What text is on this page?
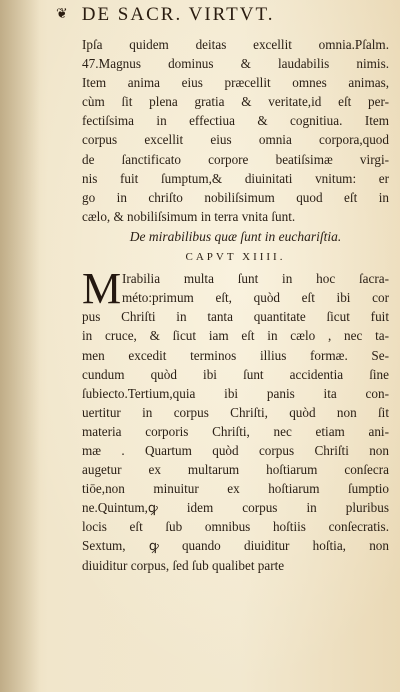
❦ DE SACR. VIRTVT.
Ipſa quidem deitas excellit omnia.Pſalm.
47.Magnus dominus & laudabilis nimis.
Item anima eius præcellit omnes animas,
cùm ſit plena gratia & veritate,id eſt per-
fectiſsima in effectiua & cognitiua. Item
corpus excellit eius omnia corpora,quod
de ſanctificato corpore beatiſsimæ virgi-
nis fuit ſumptum,& diuinitati vnitum: er
go in chriſto nobiliſsimum quod eſt in
cælo, & nobiliſsimum in terra vnita ſunt.
De mirabilibus quæ ſunt in euchariſtia.
CAPVT XIIII.
M Irabilia multa ſunt in hoc ſacra-
méto:primum eſt, quòd eſt ibi cor
pus Chriſti in tanta quantitate ſicut fuit
in cruce, & ſicut iam eſt in cælo , nec ta-
men excedit terminos illius formæ. Se-
cundum quòd ibi ſunt accidentia ſine
ſubiecto.Tertium,quia ibi panis ita con-
uertitur in corpus Chriſti, quòd non ſit
materia corporis Chriſti, nec etiam ani-
mæ . Quartum quòd corpus Chriſti non
augetur ex multarum hoſtiarum conſecra
tiōe,non minuitur ex hoſtiarum ſumptio
ne.Quintum,ꝙ idem corpus in pluribus
locis eſt ſub omnibus hoſtiis conſecratis.
Sextum, ꝙ quando diuiditur hoſtia, non
diuiditur corpus, ſed ſub qualibet parte
